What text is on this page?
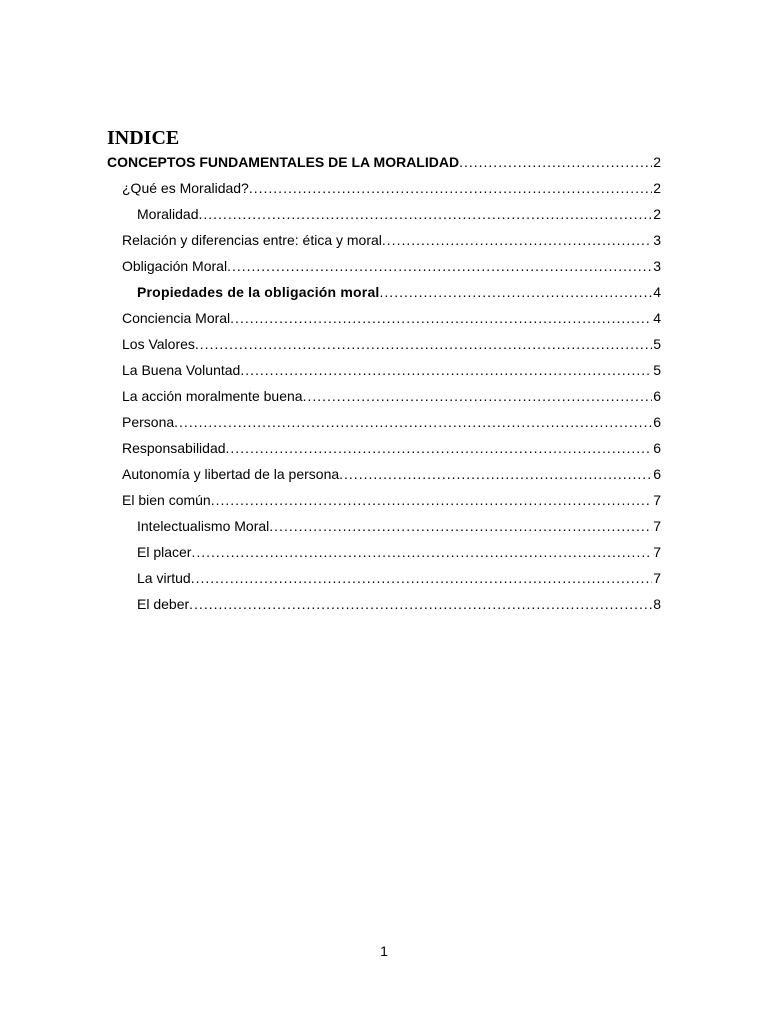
INDICE
CONCEPTOS FUNDAMENTALES DE LA MORALIDAD .....	2
¿Qué es Moralidad? .....	2
Moralidad .....	2
Relación y diferencias entre: ética y moral .....	3
Obligación Moral .....	3
Propiedades de la obligación moral .....	4
Conciencia Moral .....	4
Los Valores .....	5
La Buena Voluntad .....	5
La acción moralmente buena .....	6
Persona .....	6
Responsabilidad .....	6
Autonomía y libertad de la persona .....	6
El bien común .....	7
Intelectualismo Moral .....	7
El placer .....	7
La virtud .....	7
El deber .....	8
1
